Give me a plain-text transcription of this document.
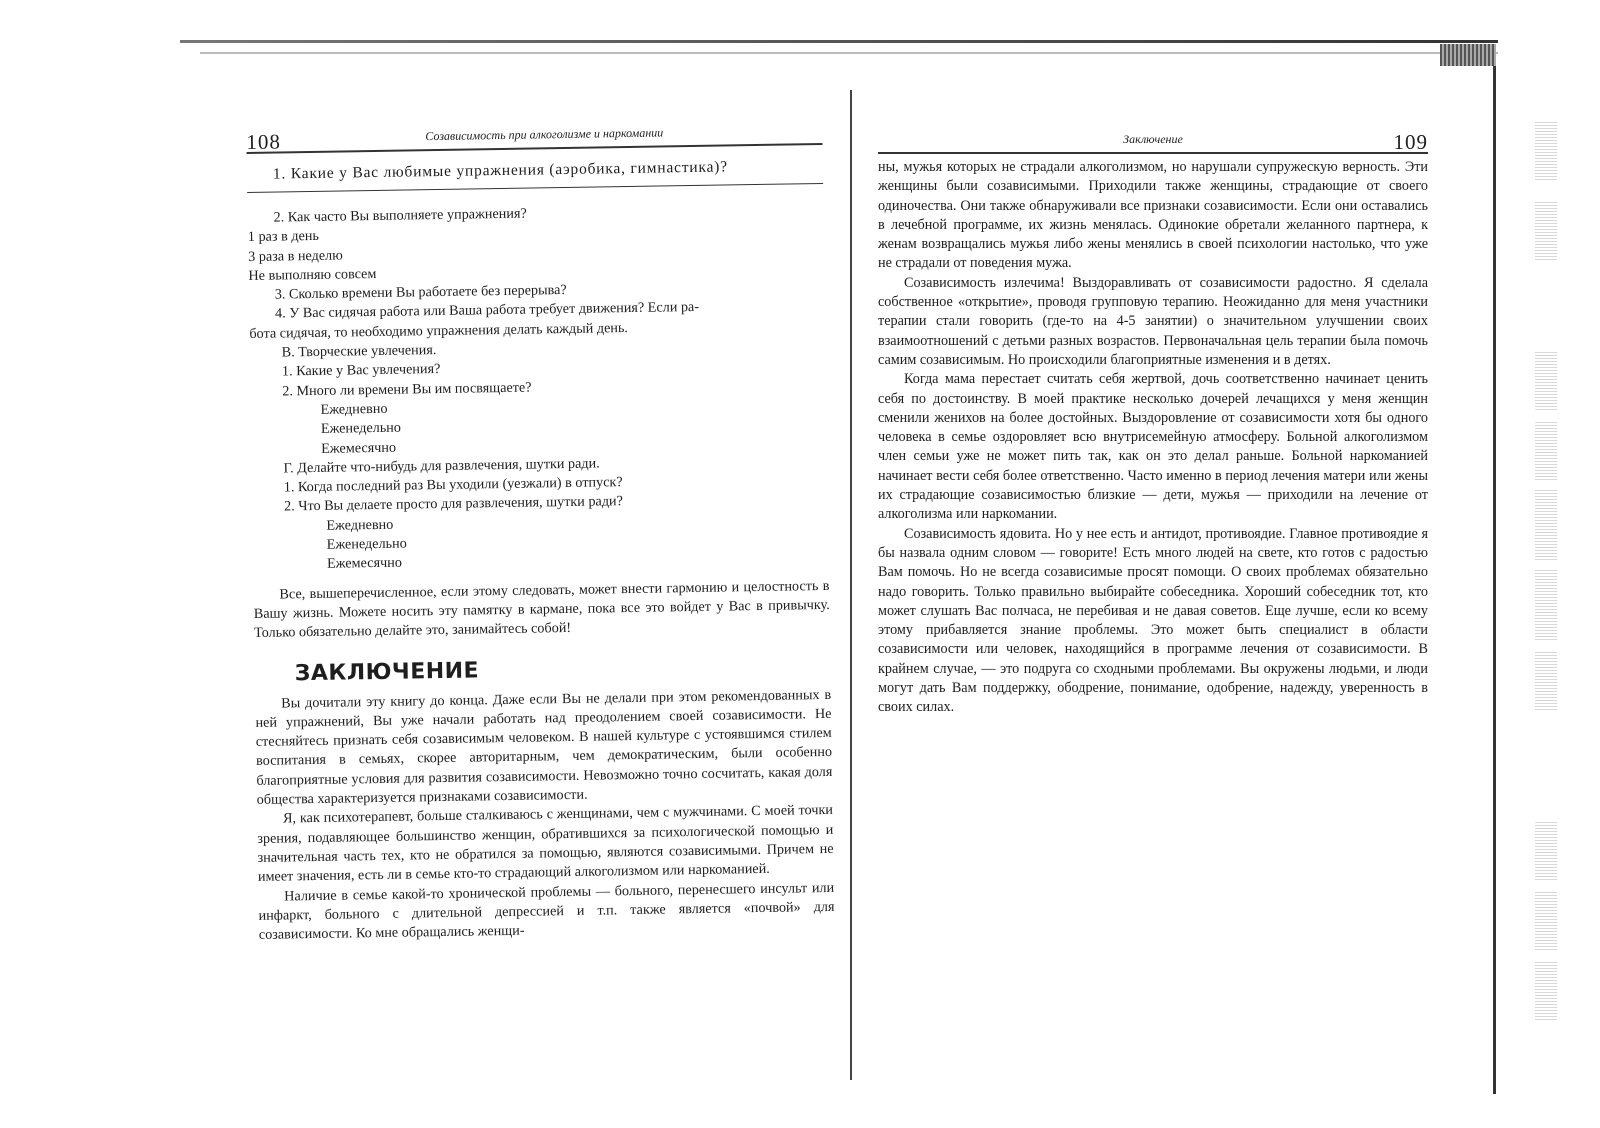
108	Созависимость при алкоголизме и наркомании
1. Какие у Вас любимые упражнения (аэробика, гимнастика)?
2. Как часто Вы выполняете упражнения?
1 раз в день
3 раза в неделю
Не выполняю совсем
3. Сколько времени Вы работаете без перерыва?
4. У Вас сидячая работа или Ваша работа требует движения? Если ра-
бота сидячая, то необходимо упражнения делать каждый день.
В. Творческие увлечения.
1. Какие у Вас увлечения?
2. Много ли времени Вы им посвящаете?
Ежедневно
Еженедельно
Ежемесячно
Г. Делайте что-нибудь для развлечения, шутки ради.
1. Когда последний раз Вы уходили (уезжали) в отпуск?
2. Что Вы делаете просто для развлечения, шутки ради?
Ежедневно
Еженедельно
Ежемесячно

Все, вышеперечисленное, если этому следовать, может внести гармонию и целостность в Вашу жизнь. Можете носить эту памятку в кармане, пока все это войдет у Вас в привычку. Только обязательно делайте это, занимайтесь собой!

ЗАКЛЮЧЕНИЕ

Вы дочитали эту книгу до конца. Даже если Вы не делали при этом рекомендованных в ней упражнений, Вы уже начали работать над преодолением своей созависимости. Не стесняйтесь признать себя созависимым человеком. В нашей культуре с устоявшимся стилем воспитания в семьях, скорее авторитарным, чем демократическим, были особенно благоприятные условия для развития созависимости. Невозможно точно сосчитать, какая доля общества характеризуется признаками созависимости.

Я, как психотерапевт, больше сталкиваюсь с женщинами, чем с мужчинами. С моей точки зрения, подавляющее большинство женщин, обратившихся за психологической помощью и значительная часть тех, кто не обратился за помощью, являются созависимыми. Причем не имеет значения, есть ли в семье кто-то страдающий алкоголизмом или наркоманией.

Наличие в семье какой-то хронической проблемы — больного, перенесшего инсульт или инфаркт, больного с длительной депрессией и т.п. также является «почвой» для созависимости. Ко мне обращались женщи-

Заключение	109

ны, мужья которых не страдали алкоголизмом, но нарушали супружескую верность. Эти женщины были созависимыми. Приходили также женщины, страдающие от своего одиночества. Они также обнаруживали все признаки созависимости. Если они оставались в лечебной программе, их жизнь менялась. Одинокие обретали желанного партнера, к женам возвращались мужья либо жены менялись в своей психологии настолько, что уже не страдали от поведения мужа.

Созависимость излечима! Выздоравливать от созависимости радостно. Я сделала собственное «открытие», проводя групповую терапию. Неожиданно для меня участники терапии стали говорить (где-то на 4-5 занятии) о значительном улучшении своих взаимоотношений с детьми разных возрастов. Первоначальная цель терапии была помочь самим созависимым. Но происходили благоприятные изменения и в детях.

Когда мама перестает считать себя жертвой, дочь соответственно начинает ценить себя по достоинству. В моей практике несколько дочерей лечащихся у меня женщин сменили женихов на более достойных. Выздоровление от созависимости хотя бы одного человека в семье оздоровляет всю внутрисемейную атмосферу. Больной алкоголизмом член семьи уже не может пить так, как он это делал раньше. Больной наркоманией начинает вести себя более ответственно. Часто именно в период лечения матери или жены их страдающие созависимостью близкие — дети, мужья — приходили на лечение от алкоголизма или наркомании.

Созависимость ядовита. Но у нее есть и антидот, противоядие. Главное противоядие я бы назвала одним словом — говорите! Есть много людей на свете, кто готов с радостью Вам помочь. Но не всегда созависимые просят помощи. О своих проблемах обязательно надо говорить. Только правильно выбирайте собеседника. Хороший собеседник тот, кто может слушать Вас полчаса, не перебивая и не давая советов. Еще лучше, если ко всему этому прибавляется знание проблемы. Это может быть специалист в области созависимости или человек, находящийся в программе лечения от созависимости. В крайнем случае, — это подруга со сходными проблемами. Вы окружены людьми, и люди могут дать Вам поддержку, ободрение, понимание, одобрение, надежду, уверенность в своих силах.
